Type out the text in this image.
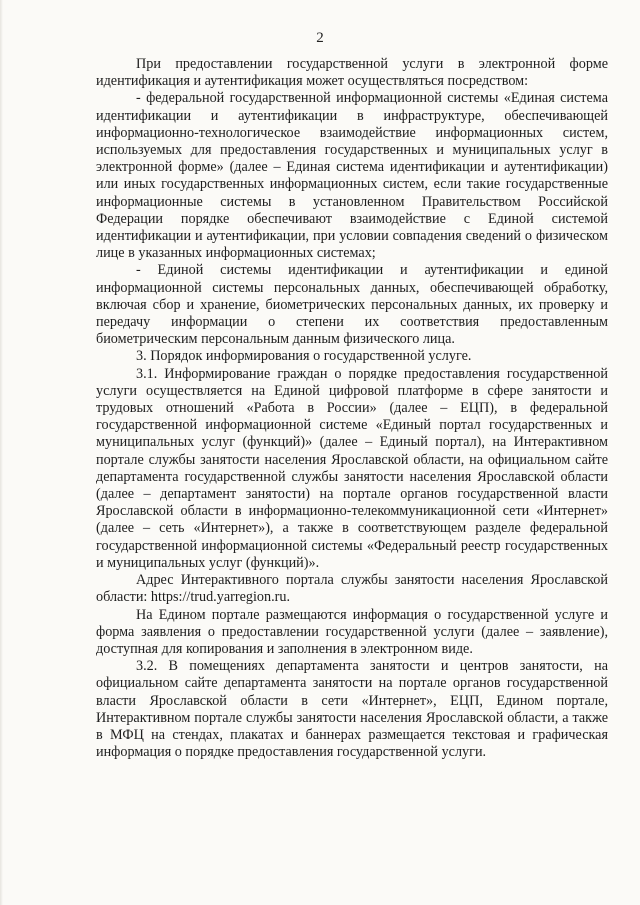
2

При предоставлении государственной услуги в электронной форме идентификация и аутентификация может осуществляться посредством:

- федеральной государственной информационной системы «Единая система идентификации и аутентификации в инфраструктуре, обеспечивающей информационно-технологическое взаимодействие информационных систем, используемых для предоставления государственных и муниципальных услуг в электронной форме» (далее – Единая система идентификации и аутентификации) или иных государственных информационных систем, если такие государственные информационные системы в установленном Правительством Российской Федерации порядке обеспечивают взаимодействие с Единой системой идентификации и аутентификации, при условии совпадения сведений о физическом лице в указанных информационных системах;

- Единой системы идентификации и аутентификации и единой информационной системы персональных данных, обеспечивающей обработку, включая сбор и хранение, биометрических персональных данных, их проверку и передачу информации о степени их соответствия предоставленным биометрическим персональным данным физического лица.

3. Порядок информирования о государственной услуге.

3.1. Информирование граждан о порядке предоставления государственной услуги осуществляется на Единой цифровой платформе в сфере занятости и трудовых отношений «Работа в России» (далее – ЕЦП), в федеральной государственной информационной системе «Единый портал государственных и муниципальных услуг (функций)» (далее – Единый портал), на Интерактивном портале службы занятости населения Ярославской области, на официальном сайте департамента государственной службы занятости населения Ярославской области (далее – департамент занятости) на портале органов государственной власти Ярославской области в информационно-телекоммуникационной сети «Интернет» (далее – сеть «Интернет»), а также в соответствующем разделе федеральной государственной информационной системы «Федеральный реестр государственных и муниципальных услуг (функций)».

Адрес Интерактивного портала службы занятости населения Ярославской области: https://trud.yarregion.ru.

На Едином портале размещаются информация о государственной услуге и форма заявления о предоставлении государственной услуги (далее – заявление), доступная для копирования и заполнения в электронном виде.

3.2. В помещениях департамента занятости и центров занятости, на официальном сайте департамента занятости на портале органов государственной власти Ярославской области в сети «Интернет», ЕЦП, Едином портале, Интерактивном портале службы занятости населения Ярославской области, а также в МФЦ на стендах, плакатах и баннерах размещается текстовая и графическая информация о порядке предоставления государственной услуги.
